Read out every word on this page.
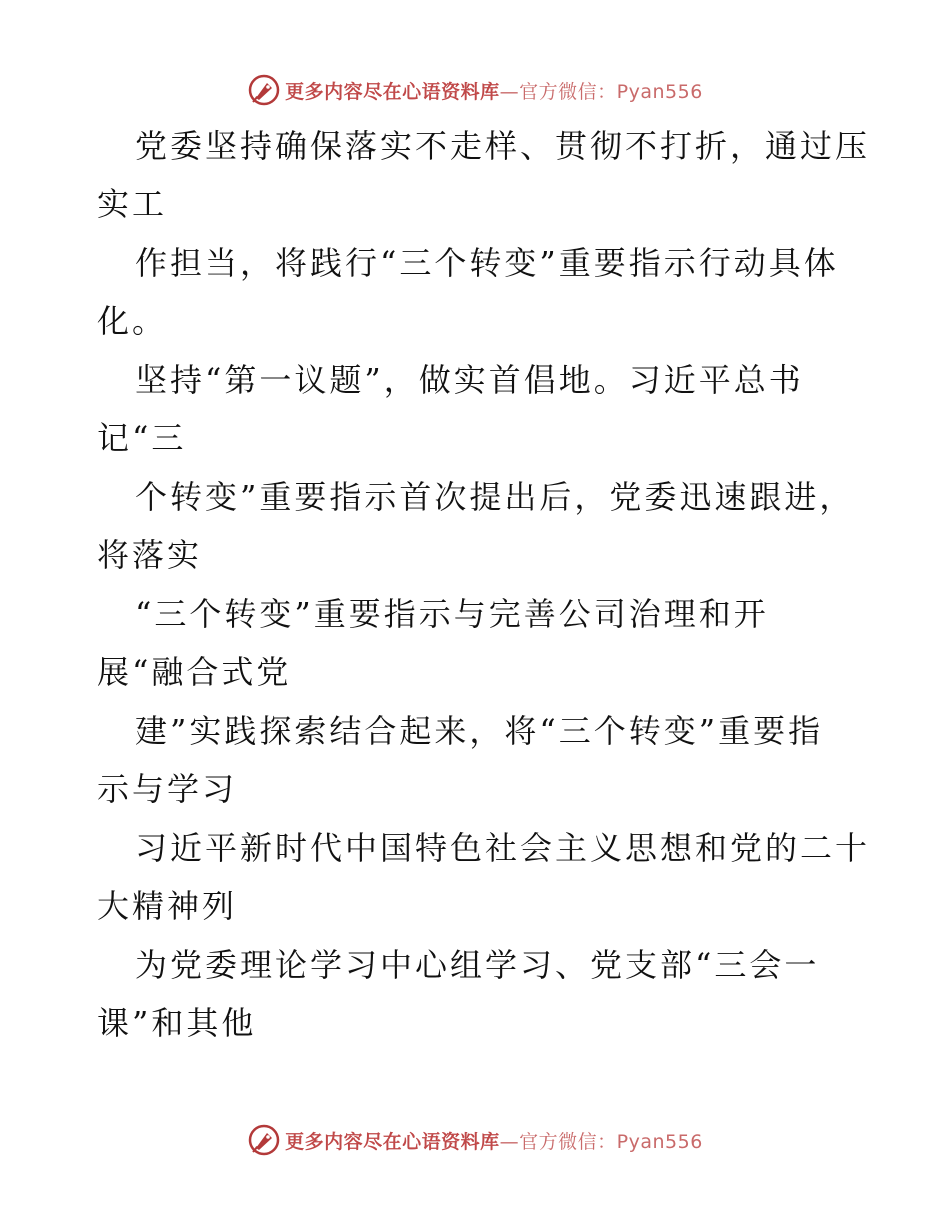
更多内容尽在心语资料库—官方微信：Pyan556
党委坚持确保落实不走样、贯彻不打折，通过压
实工
作担当，将践行“三个转变”重要指示行动具体
化。
坚持“第一议题”，做实首倡地。习近平总书
记“三
个转变”重要指示首次提出后，党委迅速跟进，
将落实
“三个转变”重要指示与完善公司治理和开
展“融合式党
建”实践探索结合起来，将“三个转变”重要指
示与学习
习近平新时代中国特色社会主义思想和党的二十
大精神列
为党委理论学习中心组学习、党支部“三会一
课”和其他
更多内容尽在心语资料库—官方微信：Pyan556
